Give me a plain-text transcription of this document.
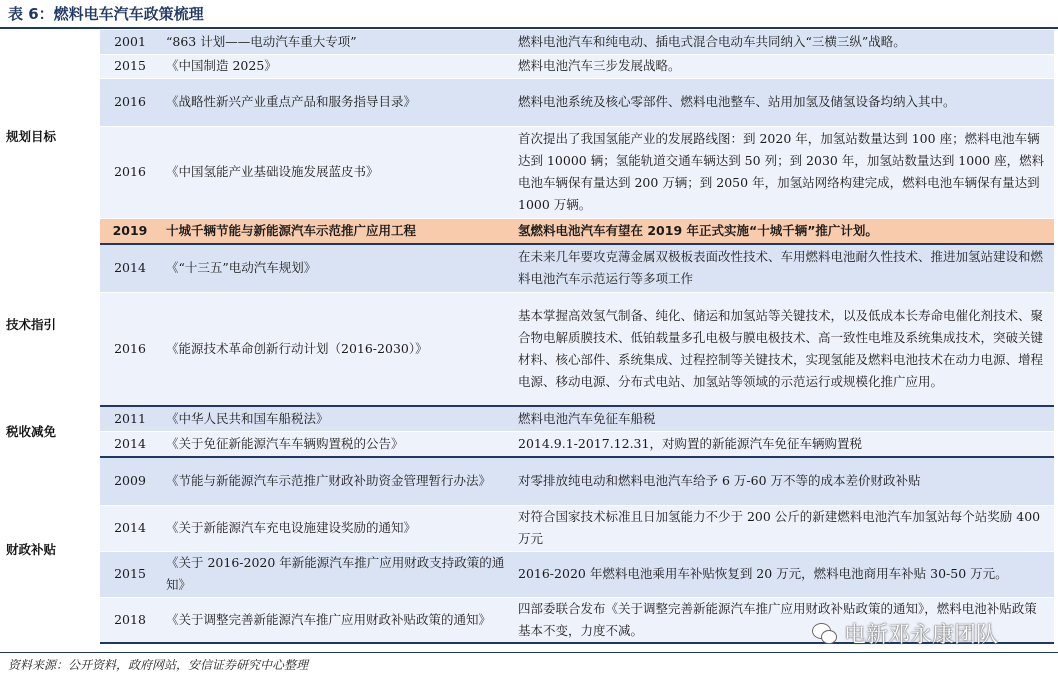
表 6：燃料电车汽车政策梳理
规划目标	2001	“863 计划——电动汽车重大专项”	燃料电池汽车和纯电动、插电式混合电动车共同纳入“三横三纵”战略。
	2015	《中国制造 2025》	燃料电池汽车三步发展战略。
	2016	《战略性新兴产业重点产品和服务指导目录》	燃料电池系统及核心零部件、燃料电池整车、站用加氢及储氢设备均纳入其中。
	2016	《中国氢能产业基础设施发展蓝皮书》	首次提出了我国氢能产业的发展路线图：到 2020 年，加氢站数量达到 100 座；燃料电池车辆达到 10000 辆；氢能轨道交通车辆达到 50 列；到 2030 年，加氢站数量达到 1000 座，燃料电池车辆保有量达到 200 万辆；到 2050 年，加氢站网络构建完成，燃料电池车辆保有量达到 1000 万辆。
	2019	十城千辆节能与新能源汽车示范推广应用工程	氢燃料电池汽车有望在 2019 年正式实施“十城千辆”推广计划。
技术指引	2014	《“十三五”电动汽车规划》	在未来几年要攻克薄金属双极板表面改性技术、车用燃料电池耐久性技术、推进加氢站建设和燃料电池汽车示范运行等多项工作
	2016	《能源技术革命创新行动计划（2016-2030）》	基本掌握高效氢气制备、纯化、储运和加氢站等关键技术，以及低成本长寿命电催化剂技术、聚合物电解质膜技术、低铂载量多孔电极与膜电极技术、高一致性电堆及系统集成技术，突破关键材料、核心部件、系统集成、过程控制等关键技术，实现氢能及燃料电池技术在动力电源、增程电源、移动电源、分布式电站、加氢站等领域的示范运行或规模化推广应用。
税收减免	2011	《中华人民共和国车船税法》	燃料电池汽车免征车船税
	2014	《关于免征新能源汽车车辆购置税的公告》	2014.9.1-2017.12.31，对购置的新能源汽车免征车辆购置税
财政补贴	2009	《节能与新能源汽车示范推广财政补助资金管理暂行办法》	对零排放纯电动和燃料电池汽车给予 6 万-60 万不等的成本差价财政补贴
	2014	《关于新能源汽车充电设施建设奖励的通知》	对符合国家技术标准且日加氢能力不少于 200 公斤的新建燃料电池汽车加氢站每个站奖励 400 万元
	2015	《关于 2016-2020 年新能源汽车推广应用财政支持政策的通知》	2016-2020 年燃料电池乘用车补贴恢复到 20 万元，燃料电池商用车补贴 30-50 万元。
	2018	《关于调整完善新能源汽车推广应用财政补贴政策的通知》	四部委联合发布《关于调整完善新能源汽车推广应用财政补贴政策的通知》，燃料电池补贴政策基本不变，力度不减。	电新邓永康团队
资料来源：公开资料，政府网站，安信证券研究中心整理
